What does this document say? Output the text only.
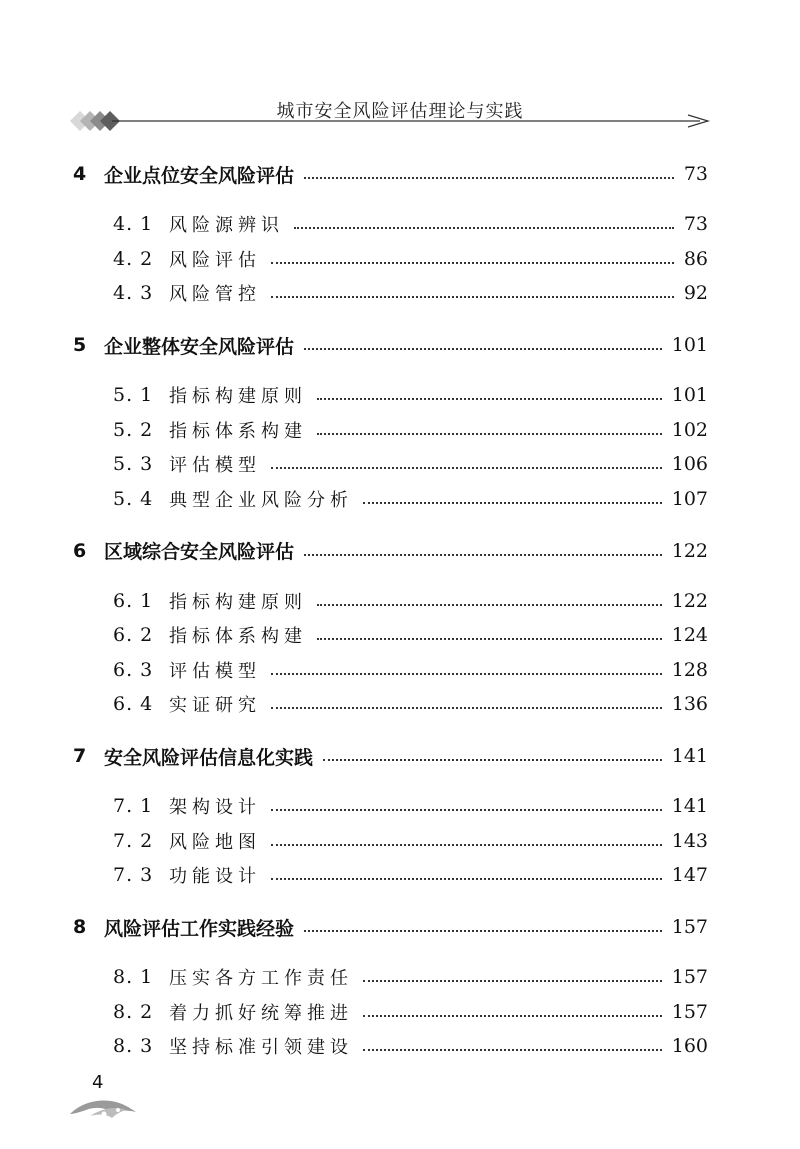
城市安全风险评估理论与实践
4 企业点位安全风险评估	73
4. 1 风险源辨识	73
4. 2 风险评估	86
4. 3 风险管控	92
5 企业整体安全风险评估	101
5. 1 指标构建原则	101
5. 2 指标体系构建	102
5. 3 评估模型	106
5. 4 典型企业风险分析	107
6 区域综合安全风险评估	122
6. 1 指标构建原则	122
6. 2 指标体系构建	124
6. 3 评估模型	128
6. 4 实证研究	136
7 安全风险评估信息化实践	141
7. 1 架构设计	141
7. 2 风险地图	143
7. 3 功能设计	147
8 风险评估工作实践经验	157
8. 1 压实各方工作责任	157
8. 2 着力抓好统筹推进	157
8. 3 坚持标准引领建设	160
4
